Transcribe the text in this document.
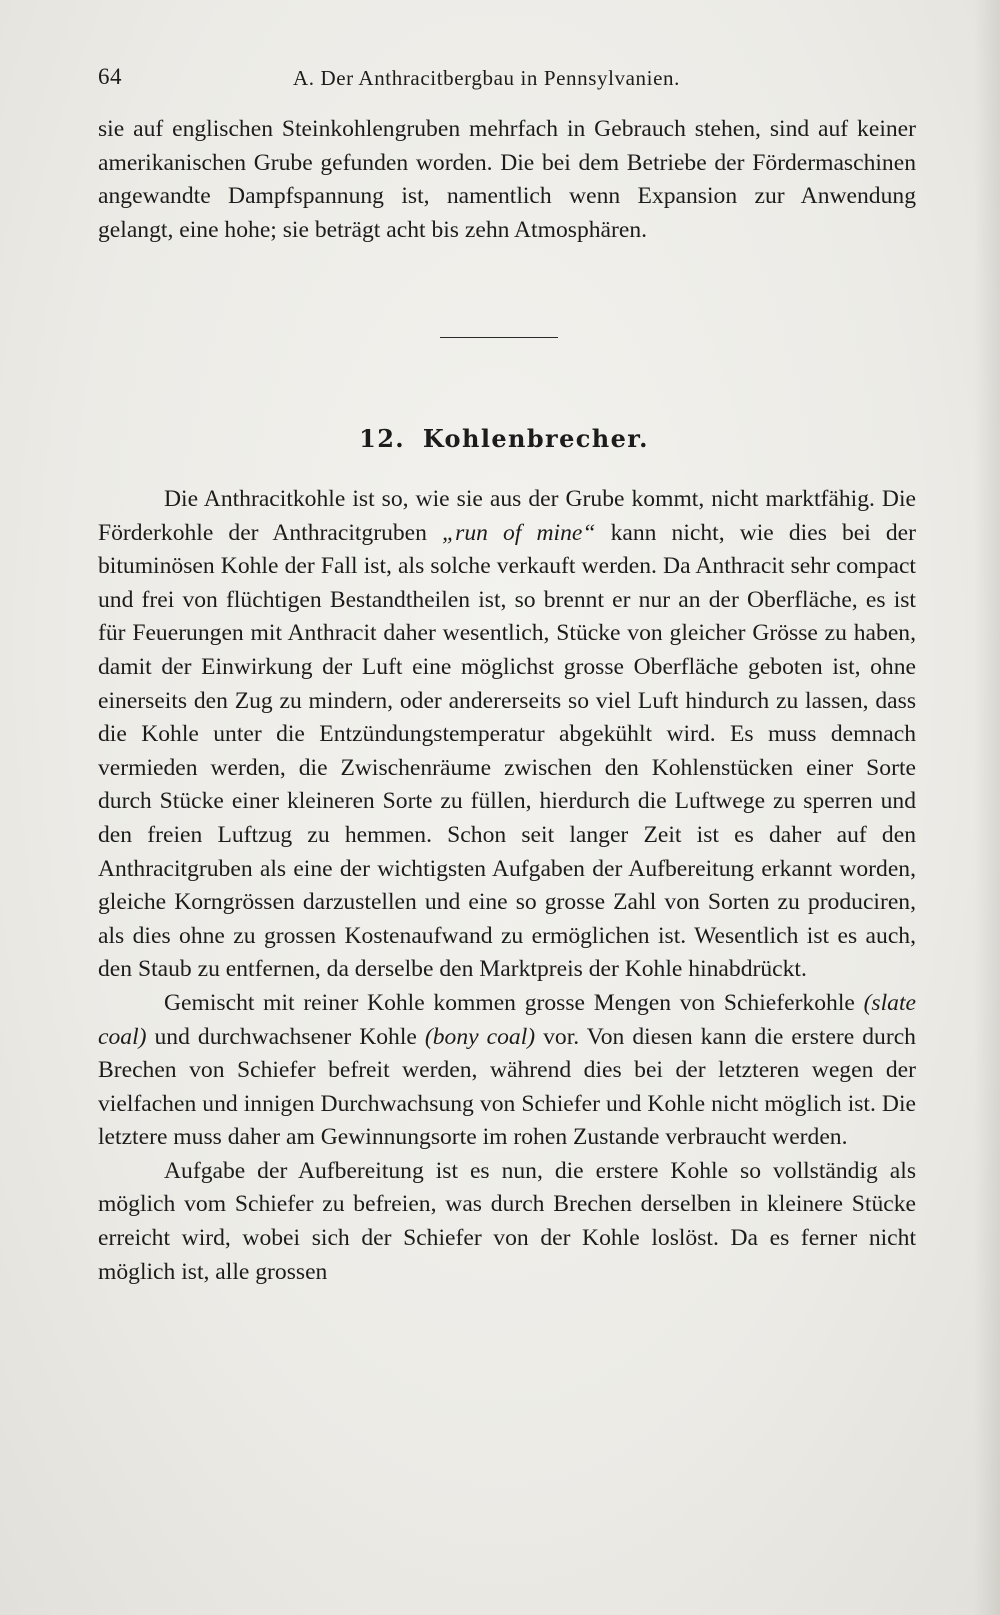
64	A. Der Anthracitbergbau in Pennsylvanien.

sie auf englischen Steinkohlengruben mehrfach in Gebrauch stehen, sind auf keiner amerikanischen Grube gefunden worden. Die bei dem Betriebe der Fördermaschinen angewandte Dampfspannung ist, namentlich wenn Expansion zur Anwendung gelangt, eine hohe; sie beträgt acht bis zehn Atmosphären.

12. Kohlenbrecher.

Die Anthracitkohle ist so, wie sie aus der Grube kommt, nicht marktfähig. Die Förderkohle der Anthracitgruben „run of mine“ kann nicht, wie dies bei der bituminösen Kohle der Fall ist, als solche verkauft werden. Da Anthracit sehr compact und frei von flüchtigen Bestandtheilen ist, so brennt er nur an der Oberfläche, es ist für Feuerungen mit Anthracit daher wesentlich, Stücke von gleicher Grösse zu haben, damit der Einwirkung der Luft eine möglichst grosse Oberfläche geboten ist, ohne einerseits den Zug zu mindern, oder andererseits so viel Luft hindurch zu lassen, dass die Kohle unter die Entzündungstemperatur abgekühlt wird. Es muss demnach vermieden werden, die Zwischenräume zwischen den Kohlenstücken einer Sorte durch Stücke einer kleineren Sorte zu füllen, hierdurch die Luftwege zu sperren und den freien Luftzug zu hemmen. Schon seit langer Zeit ist es daher auf den Anthracitgruben als eine der wichtigsten Aufgaben der Aufbereitung erkannt worden, gleiche Korngrössen darzustellen und eine so grosse Zahl von Sorten zu produciren, als dies ohne zu grossen Kostenaufwand zu ermöglichen ist. Wesentlich ist es auch, den Staub zu entfernen, da derselbe den Marktpreis der Kohle hinabdrückt.

Gemischt mit reiner Kohle kommen grosse Mengen von Schieferkohle (slate coal) und durchwachsener Kohle (bony coal) vor. Von diesen kann die erstere durch Brechen von Schiefer befreit werden, während dies bei der letzteren wegen der vielfachen und innigen Durchwachsung von Schiefer und Kohle nicht möglich ist. Die letztere muss daher am Gewinnungsorte im rohen Zustande verbraucht werden.

Aufgabe der Aufbereitung ist es nun, die erstere Kohle so vollständig als möglich vom Schiefer zu befreien, was durch Brechen derselben in kleinere Stücke erreicht wird, wobei sich der Schiefer von der Kohle loslöst. Da es ferner nicht möglich ist, alle grossen
